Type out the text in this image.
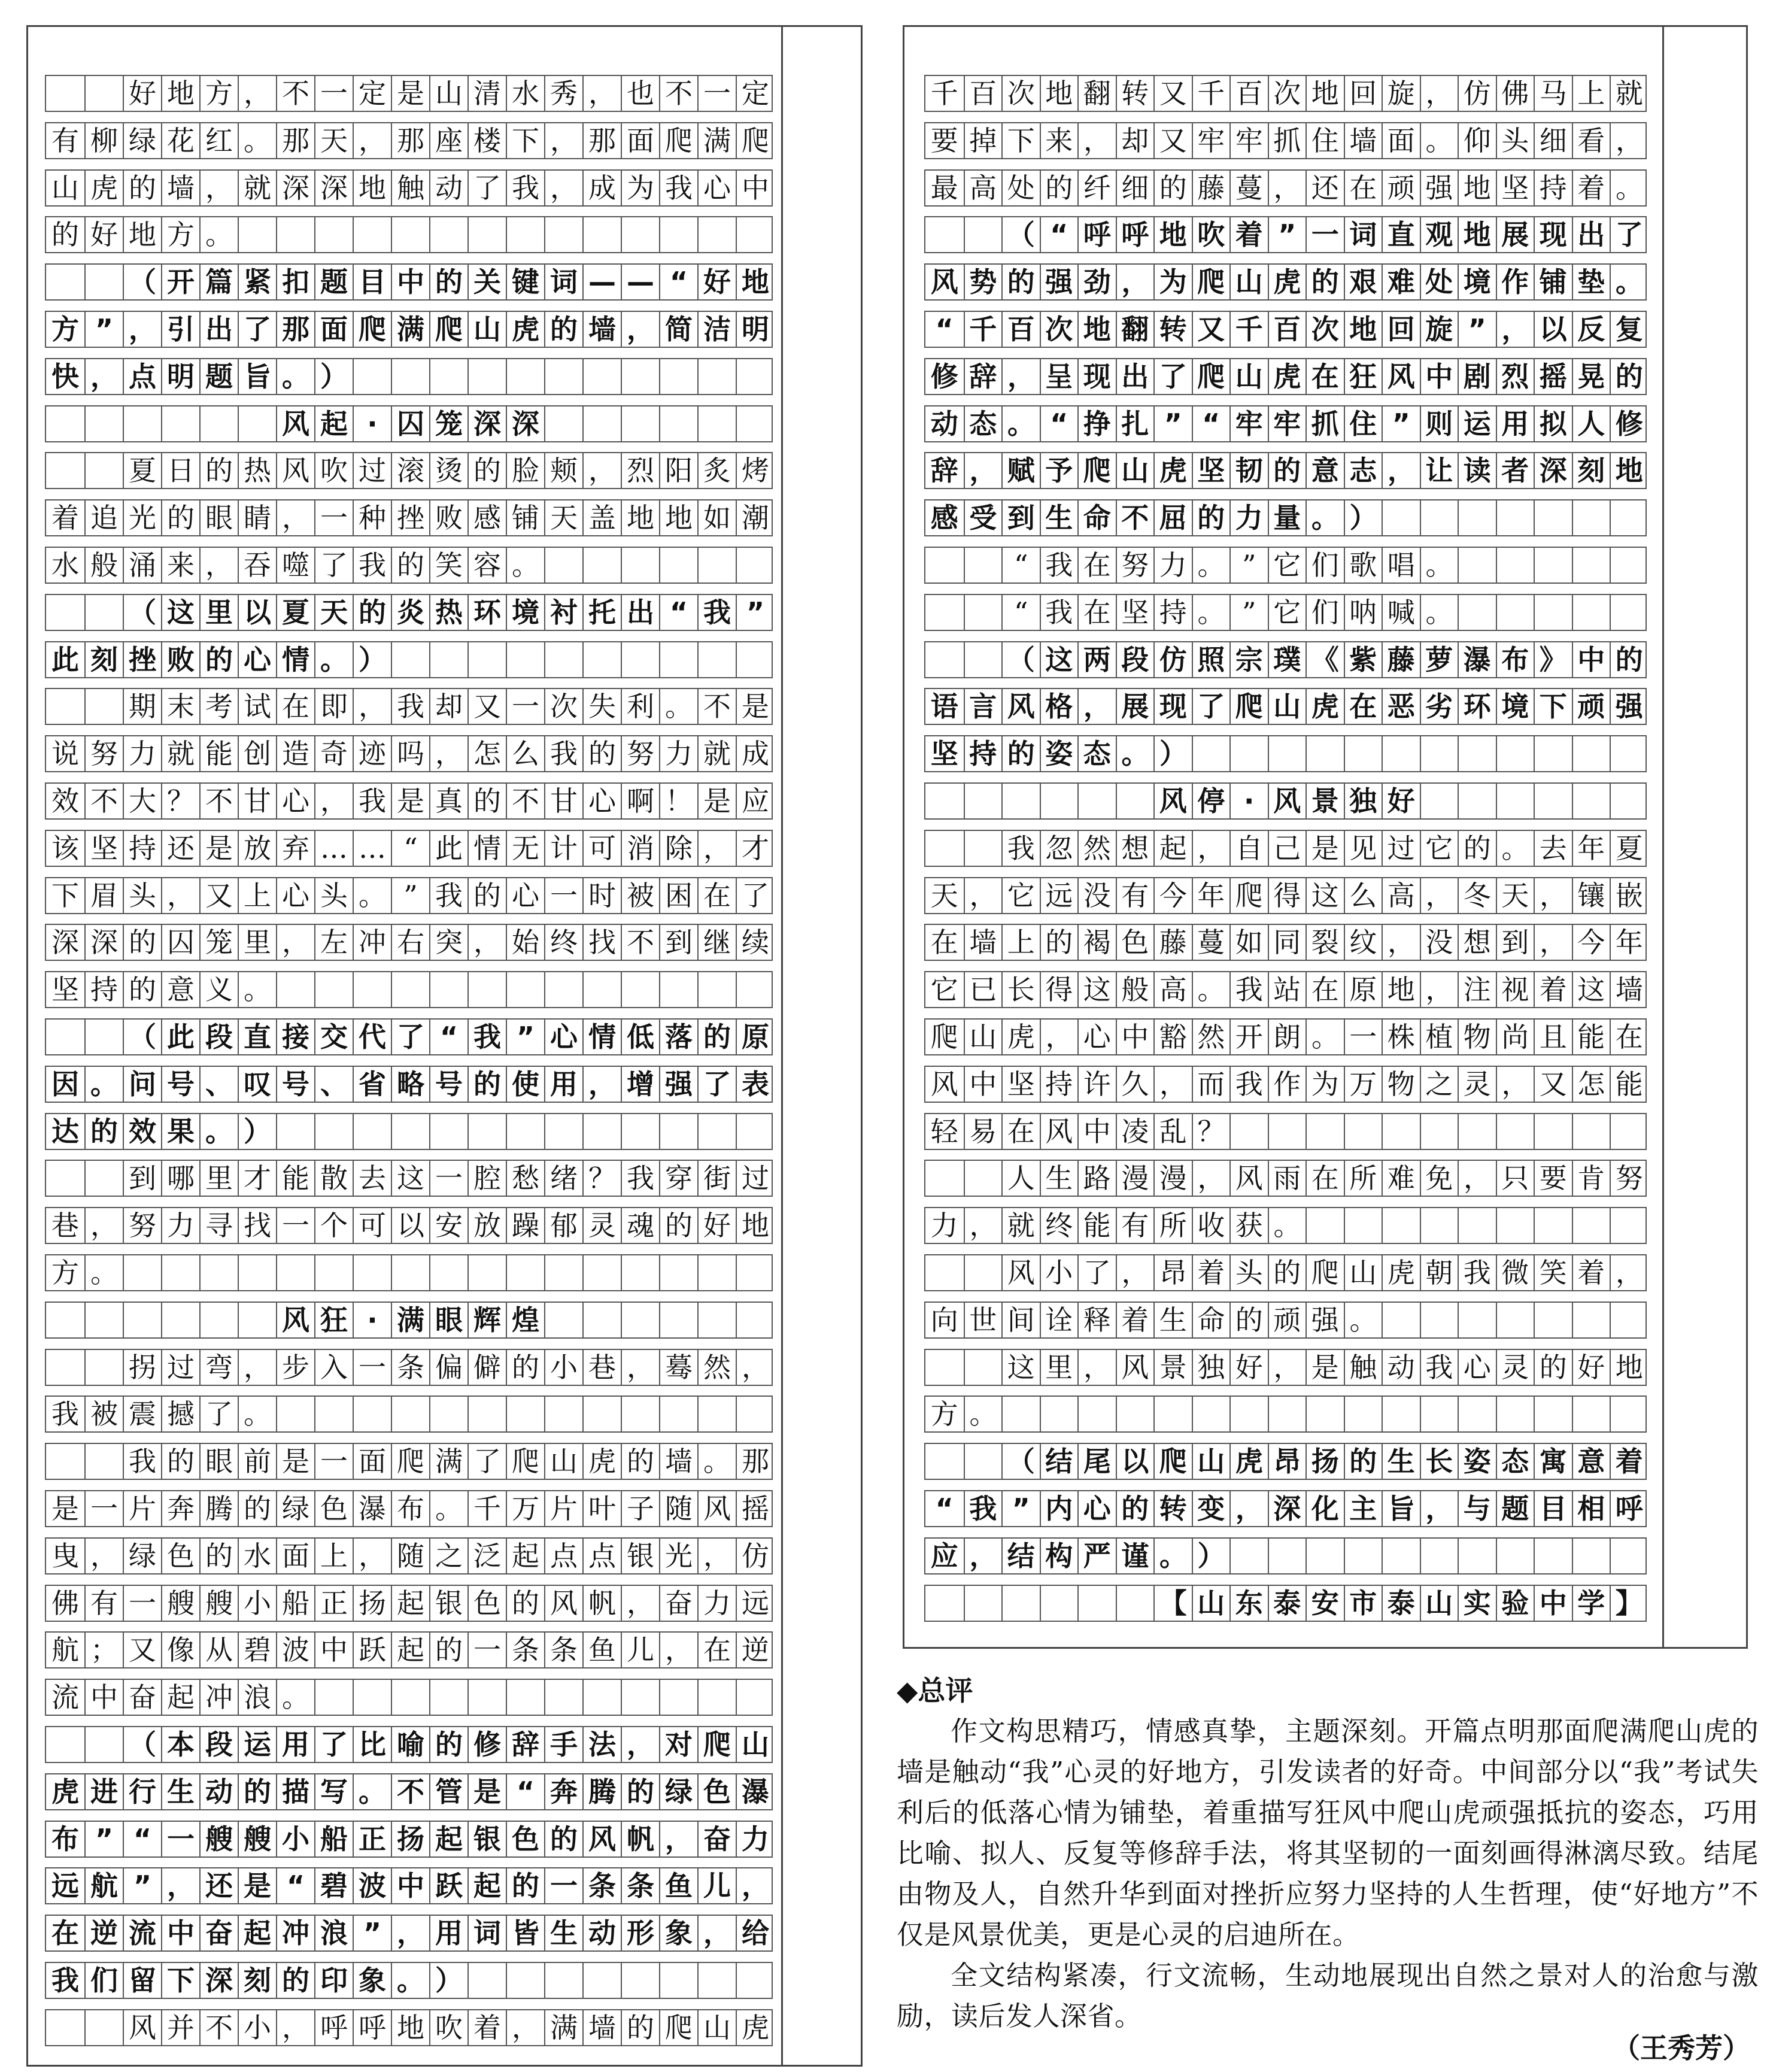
好 地 方 ， 不 一 定 是 山 清 水 秀 ， 也 不 一 定
有 柳 绿 花 红 。 那 天 ， 那 座 楼 下 ， 那 面 爬 满 爬
山 虎 的 墙 ， 就 深 深 地 触 动 了 我 ， 成 为 我 心 中
的 好 地 方 。
（ 开 篇 紧 扣 题 目 中 的 关 键 词 — — “ 好 地
方 ” ， 引 出 了 那 面 爬 满 爬 山 虎 的 墙 ， 简 洁 明
快 ， 点 明 题 旨 。 ）
风 起 · 囚 笼 深 深
夏 日 的 热 风 吹 过 滚 烫 的 脸 颊 ， 烈 阳 炙 烤
着 追 光 的 眼 睛 ， 一 种 挫 败 感 铺 天 盖 地 地 如 潮
水 般 涌 来 ， 吞 噬 了 我 的 笑 容 。
（ 这 里 以 夏 天 的 炎 热 环 境 衬 托 出 “ 我 ”
此 刻 挫 败 的 心 情 。 ）
期 末 考 试 在 即 ， 我 却 又 一 次 失 利 。 不 是
说 努 力 就 能 创 造 奇 迹 吗 ， 怎 么 我 的 努 力 就 成
效 不 大 ？ 不 甘 心 ， 我 是 真 的 不 甘 心 啊 ！ 是 应
该 坚 持 还 是 放 弃 … … “ 此 情 无 计 可 消 除 ， 才
下 眉 头 ， 又 上 心 头 。 ” 我 的 心 一 时 被 困 在 了
深 深 的 囚 笼 里 ， 左 冲 右 突 ， 始 终 找 不 到 继 续
坚 持 的 意 义 。
（ 此 段 直 接 交 代 了 “ 我 ” 心 情 低 落 的 原
因 。 问 号 、 叹 号 、 省 略 号 的 使 用 ， 增 强 了 表
达 的 效 果 。 ）
到 哪 里 才 能 散 去 这 一 腔 愁 绪 ？ 我 穿 街 过
巷 ， 努 力 寻 找 一 个 可 以 安 放 躁 郁 灵 魂 的 好 地
方 。
风 狂 · 满 眼 辉 煌
拐 过 弯 ， 步 入 一 条 偏 僻 的 小 巷 ， 蓦 然 ，
我 被 震 撼 了 。
我 的 眼 前 是 一 面 爬 满 了 爬 山 虎 的 墙 。 那
是 一 片 奔 腾 的 绿 色 瀑 布 。 千 万 片 叶 子 随 风 摇
曳 ， 绿 色 的 水 面 上 ， 随 之 泛 起 点 点 银 光 ， 仿
佛 有 一 艘 艘 小 船 正 扬 起 银 色 的 风 帆 ， 奋 力 远
航 ； 又 像 从 碧 波 中 跃 起 的 一 条 条 鱼 儿 ， 在 逆
流 中 奋 起 冲 浪 。
（ 本 段 运 用 了 比 喻 的 修 辞 手 法 ， 对 爬 山
虎 进 行 生 动 的 描 写 。 不 管 是 “ 奔 腾 的 绿 色 瀑
布 ” “ 一 艘 艘 小 船 正 扬 起 银 色 的 风 帆 ， 奋 力
远 航 ” ， 还 是 “ 碧 波 中 跃 起 的 一 条 条 鱼 儿 ，
在 逆 流 中 奋 起 冲 浪 ” ， 用 词 皆 生 动 形 象 ， 给
我 们 留 下 深 刻 的 印 象 。 ）
风 并 不 小 ， 呼 呼 地 吹 着 ， 满 墙 的 爬 山 虎
千 百 次 地 翻 转 又 千 百 次 地 回 旋 ， 仿 佛 马 上 就
要 掉 下 来 ， 却 又 牢 牢 抓 住 墙 面 。 仰 头 细 看 ，
最 高 处 的 纤 细 的 藤 蔓 ， 还 在 顽 强 地 坚 持 着 。
（ “ 呼 呼 地 吹 着 ” 一 词 直 观 地 展 现 出 了
风 势 的 强 劲 ， 为 爬 山 虎 的 艰 难 处 境 作 铺 垫 。
“ 千 百 次 地 翻 转 又 千 百 次 地 回 旋 ” ， 以 反 复
修 辞 ， 呈 现 出 了 爬 山 虎 在 狂 风 中 剧 烈 摇 晃 的
动 态 。 “ 挣 扎 ” “ 牢 牢 抓 住 ” 则 运 用 拟 人 修
辞 ， 赋 予 爬 山 虎 坚 韧 的 意 志 ， 让 读 者 深 刻 地
感 受 到 生 命 不 屈 的 力 量 。 ）
“ 我 在 努 力 。 ” 它 们 歌 唱 。
“ 我 在 坚 持 。 ” 它 们 呐 喊 。
（ 这 两 段 仿 照 宗 璞 《 紫 藤 萝 瀑 布 》 中 的
语 言 风 格 ， 展 现 了 爬 山 虎 在 恶 劣 环 境 下 顽 强
坚 持 的 姿 态 。 ）
风 停 · 风 景 独 好
我 忽 然 想 起 ， 自 己 是 见 过 它 的 。 去 年 夏
天 ， 它 远 没 有 今 年 爬 得 这 么 高 ， 冬 天 ， 镶 嵌
在 墙 上 的 褐 色 藤 蔓 如 同 裂 纹 ， 没 想 到 ， 今 年
它 已 长 得 这 般 高 。 我 站 在 原 地 ， 注 视 着 这 墙
爬 山 虎 ， 心 中 豁 然 开 朗 。 一 株 植 物 尚 且 能 在
风 中 坚 持 许 久 ， 而 我 作 为 万 物 之 灵 ， 又 怎 能
轻 易 在 风 中 凌 乱 ？
人 生 路 漫 漫 ， 风 雨 在 所 难 免 ， 只 要 肯 努
力 ， 就 终 能 有 所 收 获 。
风 小 了 ， 昂 着 头 的 爬 山 虎 朝 我 微 笑 着 ，
向 世 间 诠 释 着 生 命 的 顽 强 。
这 里 ， 风 景 独 好 ， 是 触 动 我 心 灵 的 好 地
方 。
（ 结 尾 以 爬 山 虎 昂 扬 的 生 长 姿 态 寓 意 着
“ 我 ” 内 心 的 转 变 ， 深 化 主 旨 ， 与 题 目 相 呼
应 ， 结 构 严 谨 。 ）
【 山 东 泰 安 市 泰 山 实 验 中 学 】
◆总评

作文构思精巧，情感真挚，主题深刻。开篇点明那面爬满爬山虎的墙是触动“我”心灵的好地方，引发读者的好奇。中间部分以“我”考试失利后的低落心情为铺垫，着重描写狂风中爬山虎顽强抵抗的姿态，巧用比喻、拟人、反复等修辞手法，将其坚韧的一面刻画得淋漓尽致。结尾由物及人，自然升华到面对挫折应努力坚持的人生哲理，使“好地方”不仅是风景优美，更是心灵的启迪所在。

全文结构紧凑，行文流畅，生动地展现出自然之景对人的治愈与激励，读后发人深省。

（王秀芳）
